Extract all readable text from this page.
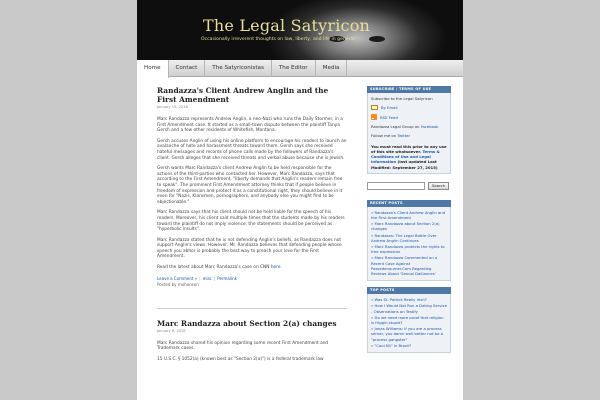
The Legal Satyricon
Occasionally irreverent thoughts on law, liberty, and life in general
Home	Contact	The Satyriconistas	The Editor	Media
Randazza's Client Andrew Anglin and the First Amendment
January 15, 2018

Marc Randazza represents Andrew Anglin, a neo-Nazi who runs the Daily Stormer, in a First Amendment case. It started as a small-town dispute between the plaintiff Tanya Gersh and a few other residents of Whitefish, Montana.

Gersh accuses Anglin of using his online platform to encourage his readers to launch an avalanche of hate and harassment threats toward them. Gersh says she received hateful messages and records of phone calls made by the followers of Randazza's client. Gersh alleges that she received threats and verbal abuse because she is Jewish.

Gersh wants Marc Randazza's client Andrew Anglin to be held responsible for the actions of the third-parties who contacted her. However, Marc Randazza, says that according to the First Amendment, "liberty demands that Anglin's readers remain free to speak". The prominent First Amendment attorney thinks that if people believe in freedom of expression and protect it as a constitutional right, they should believe in it even for "Nazis, Klansmen, pornographers, and anybody else you might find to be objectionable."

Marc Randazza says that his client should not be held liable for the speech of his readers. Moreover, his client said multiple times that the students made by his readers toward the plaintiff do not imply violence: the statements should be perceived as "hyperbolic insults".

Marc Randazza stated that he is not defending Anglin's beliefs, as Randazza does not support Anglin's views. However, Mr. Randazza believes that defending people whose speech you abhor is probably the best way to preach your love for the First Amendment.

Read the latest about Marc Randazza's case on CNN here.

Leave a Comment » | misc | Permalink
Posted by mohansen
Marc Randazza about Section 2(a) changes
January 8, 2018

Marc Randazza shared his opinion regarding some recent First Amendment and Trademark cases.

15 U.S.C. § 1052(a) (known best as "Section 2(a)") is a federal trademark law

SUBSCRIBE / TERMS OF USE
Subscribe to the Legal Satyricon
By Email
RSS Feed
Randazza Legal Group on Facebook
Follow me on Twitter
You must read this prior to any use of this site whatsoever. Terms & Conditions of Use and Legal Information (last updated Last Modified: September 27, 2015)
Search
RECENT POSTS
» Randazza's Client Andrew Anglin and the First Amendment
» Marc Randazza about Section 2(a) changes
» Randazza: The Legal Battle Over Andrew Anglin Continues
» Marc Randazza protects the rights to free expression
» Marc Randazza Commented on a Recent Case Against Passedonourner.Com Regarding Reviews About 'Sexual Dalliances'
TOP POSTS
» Was St. Patrick Really Irish?
» How I Would Not Run a Dating Service - Observations on Testify
» Do we need more proof that religion is friggin stupid?
» Jonas Williams: If you are a process server, you damn well better not be a "process gangster"
» "Cool Kit" in Brazil?
